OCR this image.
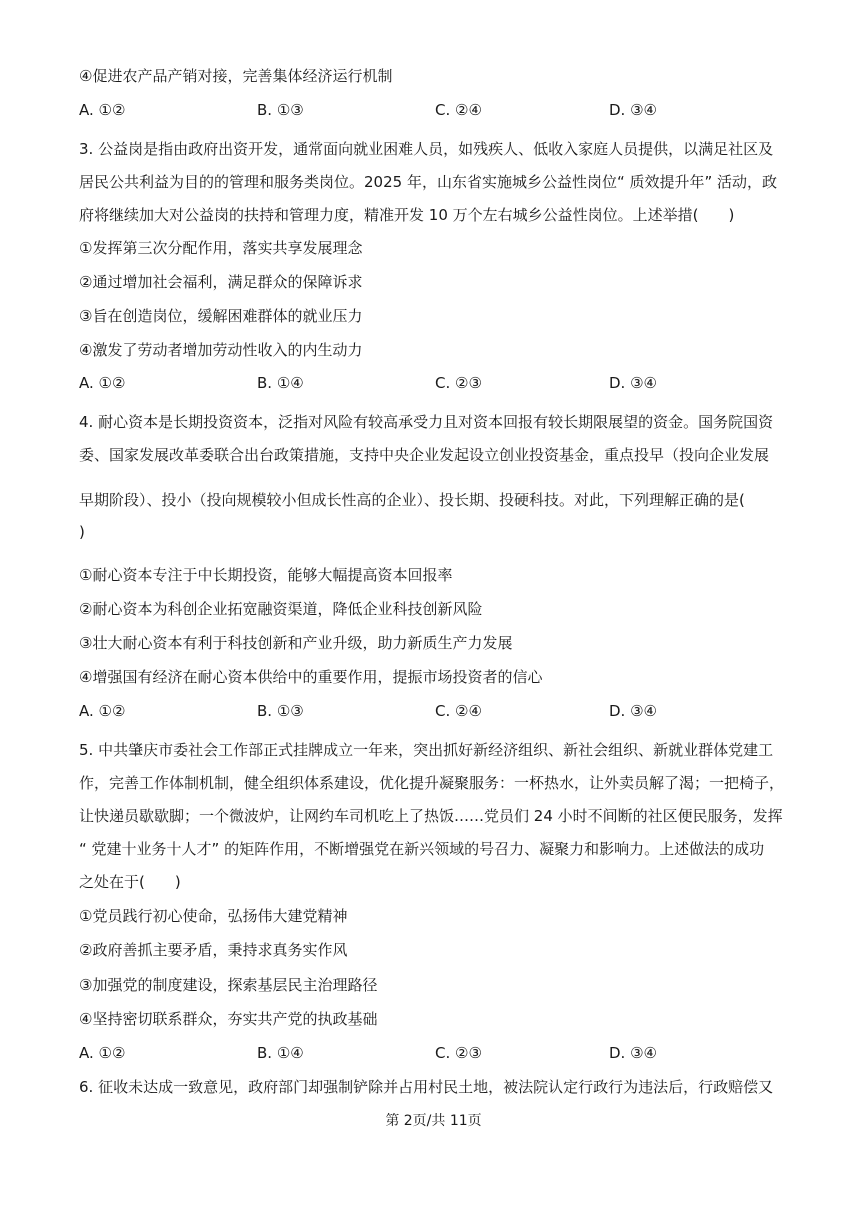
④促进农产品产销对接，完善集体经济运行机制
A. ①②	B. ①③	C. ②④	D. ③④
3. 公益岗是指由政府出资开发，通常面向就业困难人员，如残疾人、低收入家庭人员提供，以满足社区及
居民公共利益为目的的管理和服务类岗位。2025 年，山东省实施城乡公益性岗位“ 质效提升年” 活动，政
府将继续加大对公益岗的扶持和管理力度，精准开发 10 万个左右城乡公益性岗位。上述举措(　　)
①发挥第三次分配作用，落实共享发展理念
②通过增加社会福利，满足群众的保障诉求
③旨在创造岗位，缓解困难群体的就业压力
④激发了劳动者增加劳动性收入的内生动力
A. ①②	B. ①④	C. ②③	D. ③④
4. 耐心资本是长期投资资本，泛指对风险有较高承受力且对资本回报有较长期限展望的资金。国务院国资
委、国家发展改革委联合出台政策措施，支持中央企业发起设立创业投资基金，重点投早（投向企业发展
早期阶段）、投小（投向规模较小但成长性高的企业）、投长期、投硬科技。对此，下列理解正确的是(
)
①耐心资本专注于中长期投资，能够大幅提高资本回报率
②耐心资本为科创企业拓宽融资渠道，降低企业科技创新风险
③壮大耐心资本有利于科技创新和产业升级，助力新质生产力发展
④增强国有经济在耐心资本供给中的重要作用，提振市场投资者的信心
A. ①②	B. ①③	C. ②④	D. ③④
5. 中共肇庆市委社会工作部正式挂牌成立一年来，突出抓好新经济组织、新社会组织、新就业群体党建工
作，完善工作体制机制，健全组织体系建设，优化提升凝聚服务：一杯热水，让外卖员解了渴；一把椅子，
让快递员歇歇脚；一个微波炉，让网约车司机吃上了热饭……党员们 24 小时不间断的社区便民服务，发挥
“ 党建十业务十人才” 的矩阵作用，不断增强党在新兴领域的号召力、凝聚力和影响力。上述做法的成功
之处在于(　　)
①党员践行初心使命，弘扬伟大建党精神
②政府善抓主要矛盾，秉持求真务实作风
③加强党的制度建设，探索基层民主治理路径
④坚持密切联系群众，夯实共产党的执政基础
A. ①②	B. ①④	C. ②③	D. ③④
6. 征收未达成一致意见，政府部门却强制铲除并占用村民土地，被法院认定行政行为违法后，行政赔偿又
第 2页/共 11页
